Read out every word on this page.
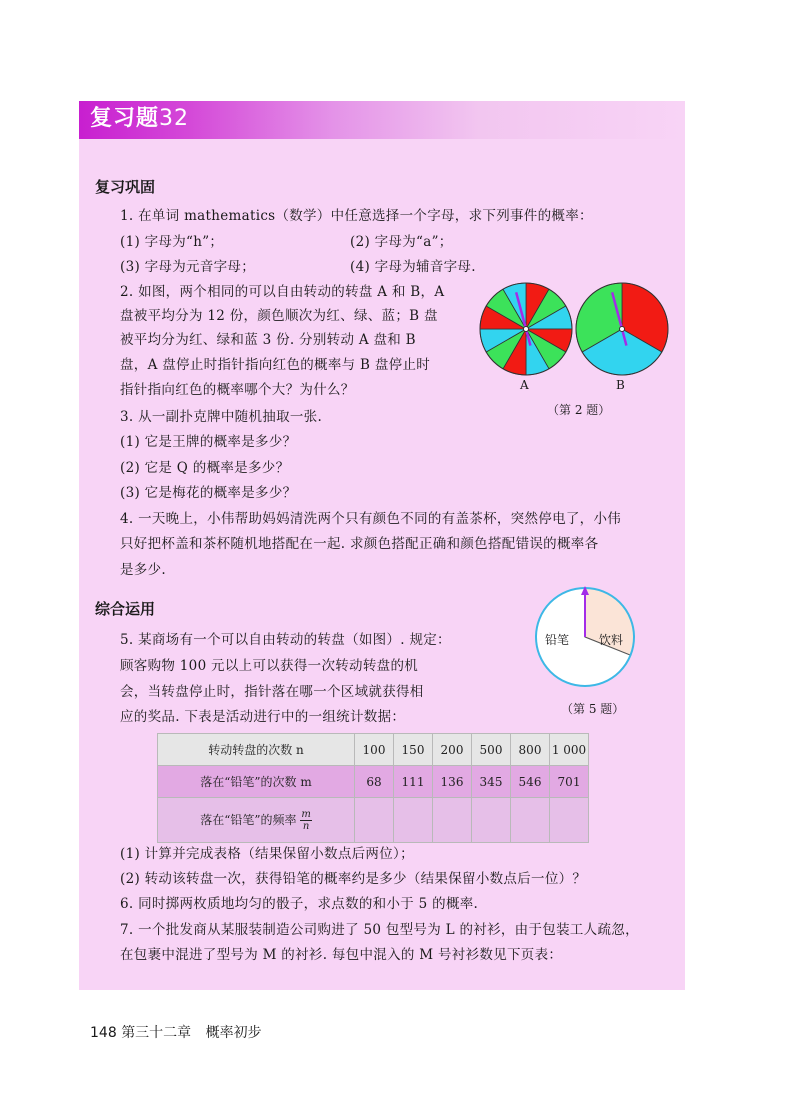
复习题32
复习巩固
1. 在单词 mathematics（数学）中任意选择一个字母，求下列事件的概率：
(1) 字母为“h”；	(2) 字母为“a”；
(3) 字母为元音字母；	(4) 字母为辅音字母.
2. 如图，两个相同的可以自由转动的转盘 A 和 B，A
盘被平均分为 12 份，颜色顺次为红、绿、蓝；B 盘
被平均分为红、绿和蓝 3 份. 分别转动 A 盘和 B
盘，A 盘停止时指针指向红色的概率与 B 盘停止时
指针指向红色的概率哪个大？为什么？	A	B
（第 2 题）
3. 从一副扑克牌中随机抽取一张.
(1) 它是王牌的概率是多少？
(2) 它是 Q 的概率是多少？
(3) 它是梅花的概率是多少？
4. 一天晚上，小伟帮助妈妈清洗两个只有颜色不同的有盖茶杯，突然停电了，小伟
只好把杯盖和茶杯随机地搭配在一起. 求颜色搭配正确和颜色搭配错误的概率各
是多少.
综合运用
5. 某商场有一个可以自由转动的转盘（如图）. 规定：
顾客购物 100 元以上可以获得一次转动转盘的机
会，当转盘停止时，指针落在哪一个区域就获得相
应的奖品. 下表是活动进行中的一组统计数据：
铅笔 饮料
（第 5 题）
转动转盘的次数 n	100	150	200	500	800	1 000
落在“铅笔”的次数 m	68	111	136	345	546	701
落在“铅笔”的频率 $\frac{m}{n}$

(1) 计算并完成表格（结果保留小数点后两位）；
(2) 转动该转盘一次，获得铅笔的概率约是多少（结果保留小数点后一位）？
6. 同时掷两枚质地均匀的骰子，求点数的和小于 5 的概率.
7. 一个批发商从某服装制造公司购进了 50 包型号为 L 的衬衫，由于包装工人疏忽，
在包裹中混进了型号为 M 的衬衫. 每包中混入的 M 号衬衫数见下页表：
148 第三十二章 概率初步
